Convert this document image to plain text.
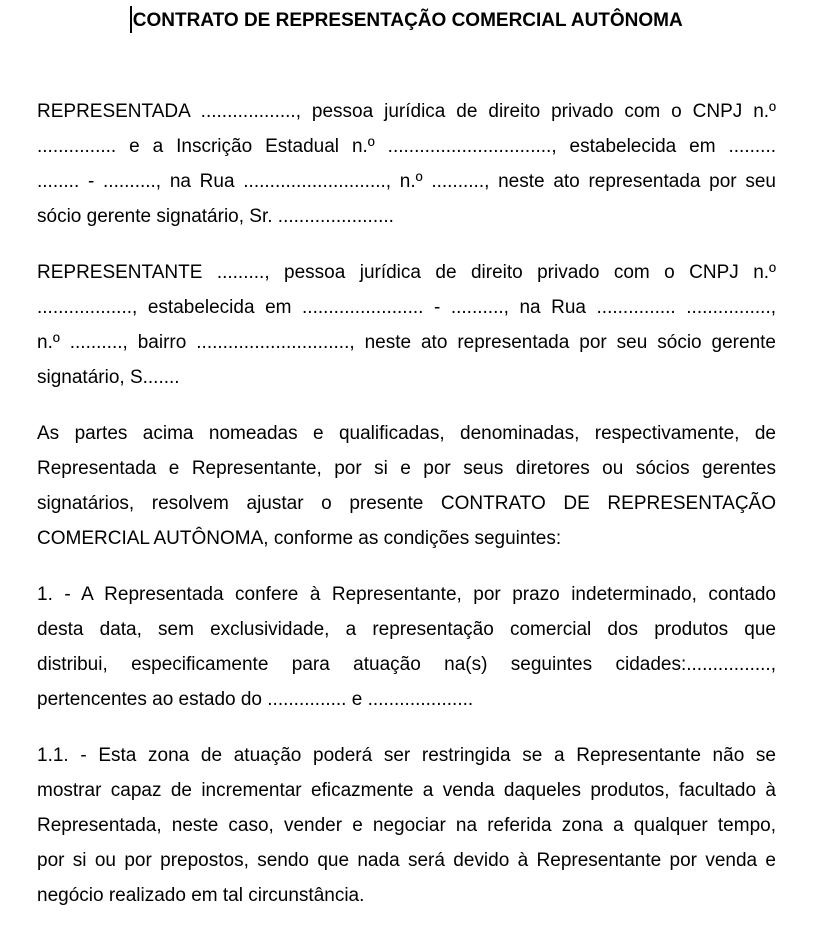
CONTRATO DE REPRESENTAÇÃO COMERCIAL AUTÔNOMA
REPRESENTADA .................., pessoa jurídica de direito privado com o CNPJ n.º
............... e a Inscrição Estadual n.º ..............................., estabelecida em .........
........ - .........., na Rua ..........................., n.º .........., neste ato representada por seu
sócio gerente signatário, Sr. ......................
REPRESENTANTE ........., pessoa jurídica de direito privado com o CNPJ n.º
.................., estabelecida em ....................... - .........., na Rua ............... ................,
n.º .........., bairro ............................., neste ato representada por seu sócio gerente
signatário, S.......
As partes acima nomeadas e qualificadas, denominadas, respectivamente, de
Representada e Representante, por si e por seus diretores ou sócios gerentes
signatários, resolvem ajustar o presente CONTRATO DE REPRESENTAÇÃO
COMERCIAL AUTÔNOMA, conforme as condições seguintes:
1. - A Representada confere à Representante, por prazo indeterminado, contado
desta data, sem exclusividade, a representação comercial dos produtos que
distribui, especificamente para atuação na(s) seguintes cidades:................,
pertencentes ao estado do ............... e ....................
1.1. - Esta zona de atuação poderá ser restringida se a Representante não se
mostrar capaz de incrementar eficazmente a venda daqueles produtos, facultado à
Representada, neste caso, vender e negociar na referida zona a qualquer tempo,
por si ou por prepostos, sendo que nada será devido à Representante por venda e
negócio realizado em tal circunstância.
